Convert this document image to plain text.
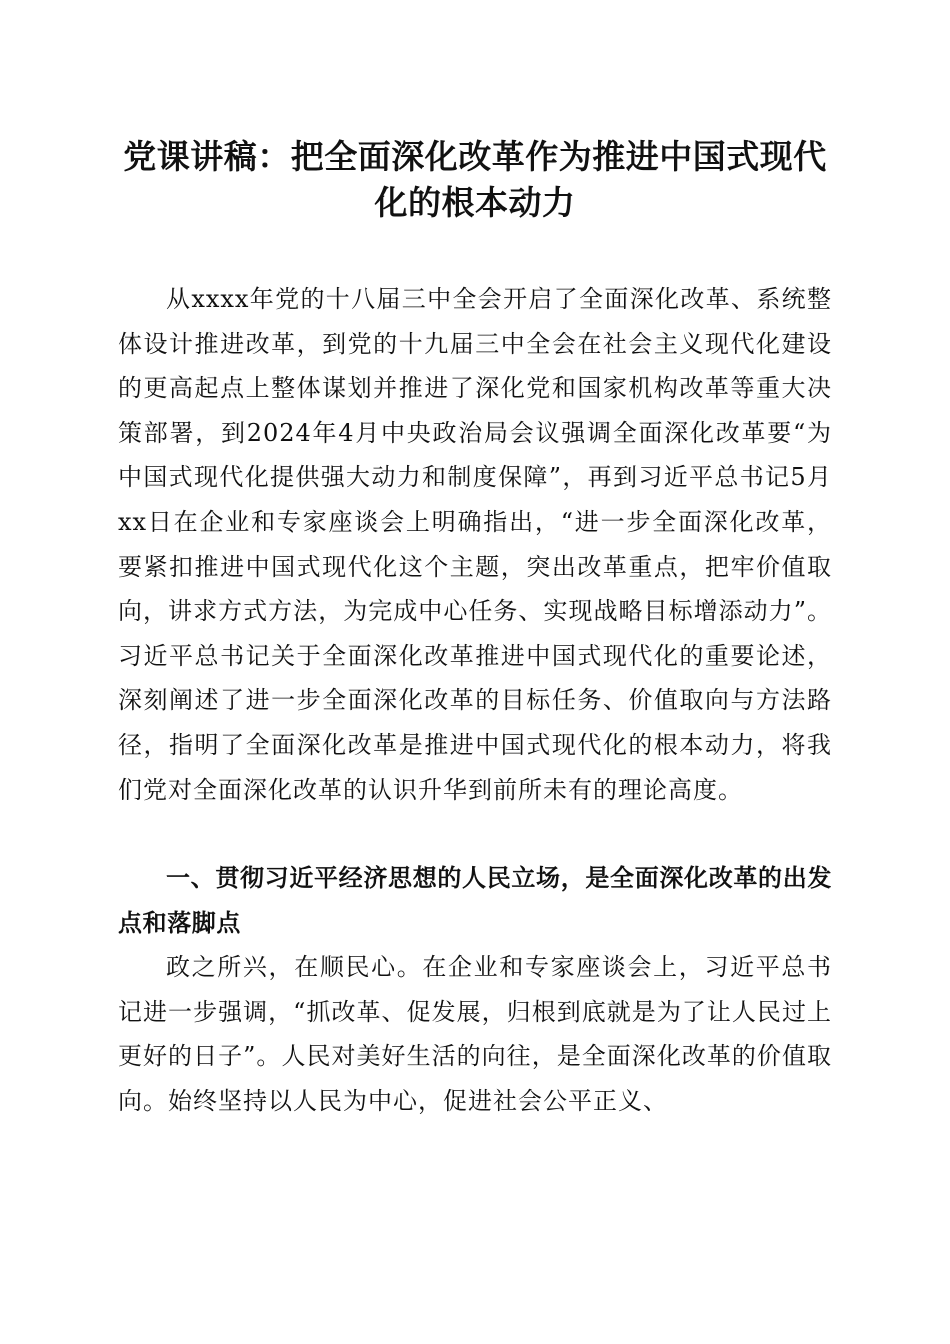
党课讲稿：把全面深化改革作为推进中国式现代化的根本动力

从xxxx年党的十八届三中全会开启了全面深化改革、系统整体设计推进改革，到党的十九届三中全会在社会主义现代化建设的更高起点上整体谋划并推进了深化党和国家机构改革等重大决策部署，到2024年4月中央政治局会议强调全面深化改革要“为中国式现代化提供强大动力和制度保障”，再到习近平总书记5月xx日在企业和专家座谈会上明确指出，“进一步全面深化改革，要紧扣推进中国式现代化这个主题，突出改革重点，把牢价值取向，讲求方式方法，为完成中心任务、实现战略目标增添动力”。习近平总书记关于全面深化改革推进中国式现代化的重要论述，深刻阐述了进一步全面深化改革的目标任务、价值取向与方法路径，指明了全面深化改革是推进中国式现代化的根本动力，将我们党对全面深化改革的认识升华到前所未有的理论高度。

一、贯彻习近平经济思想的人民立场，是全面深化改革的出发点和落脚点

政之所兴，在顺民心。在企业和专家座谈会上，习近平总书记进一步强调，“抓改革、促发展，归根到底就是为了让人民过上更好的日子”。人民对美好生活的向往，是全面深化改革的价值取向。始终坚持以人民为中心，促进社会公平正义、
